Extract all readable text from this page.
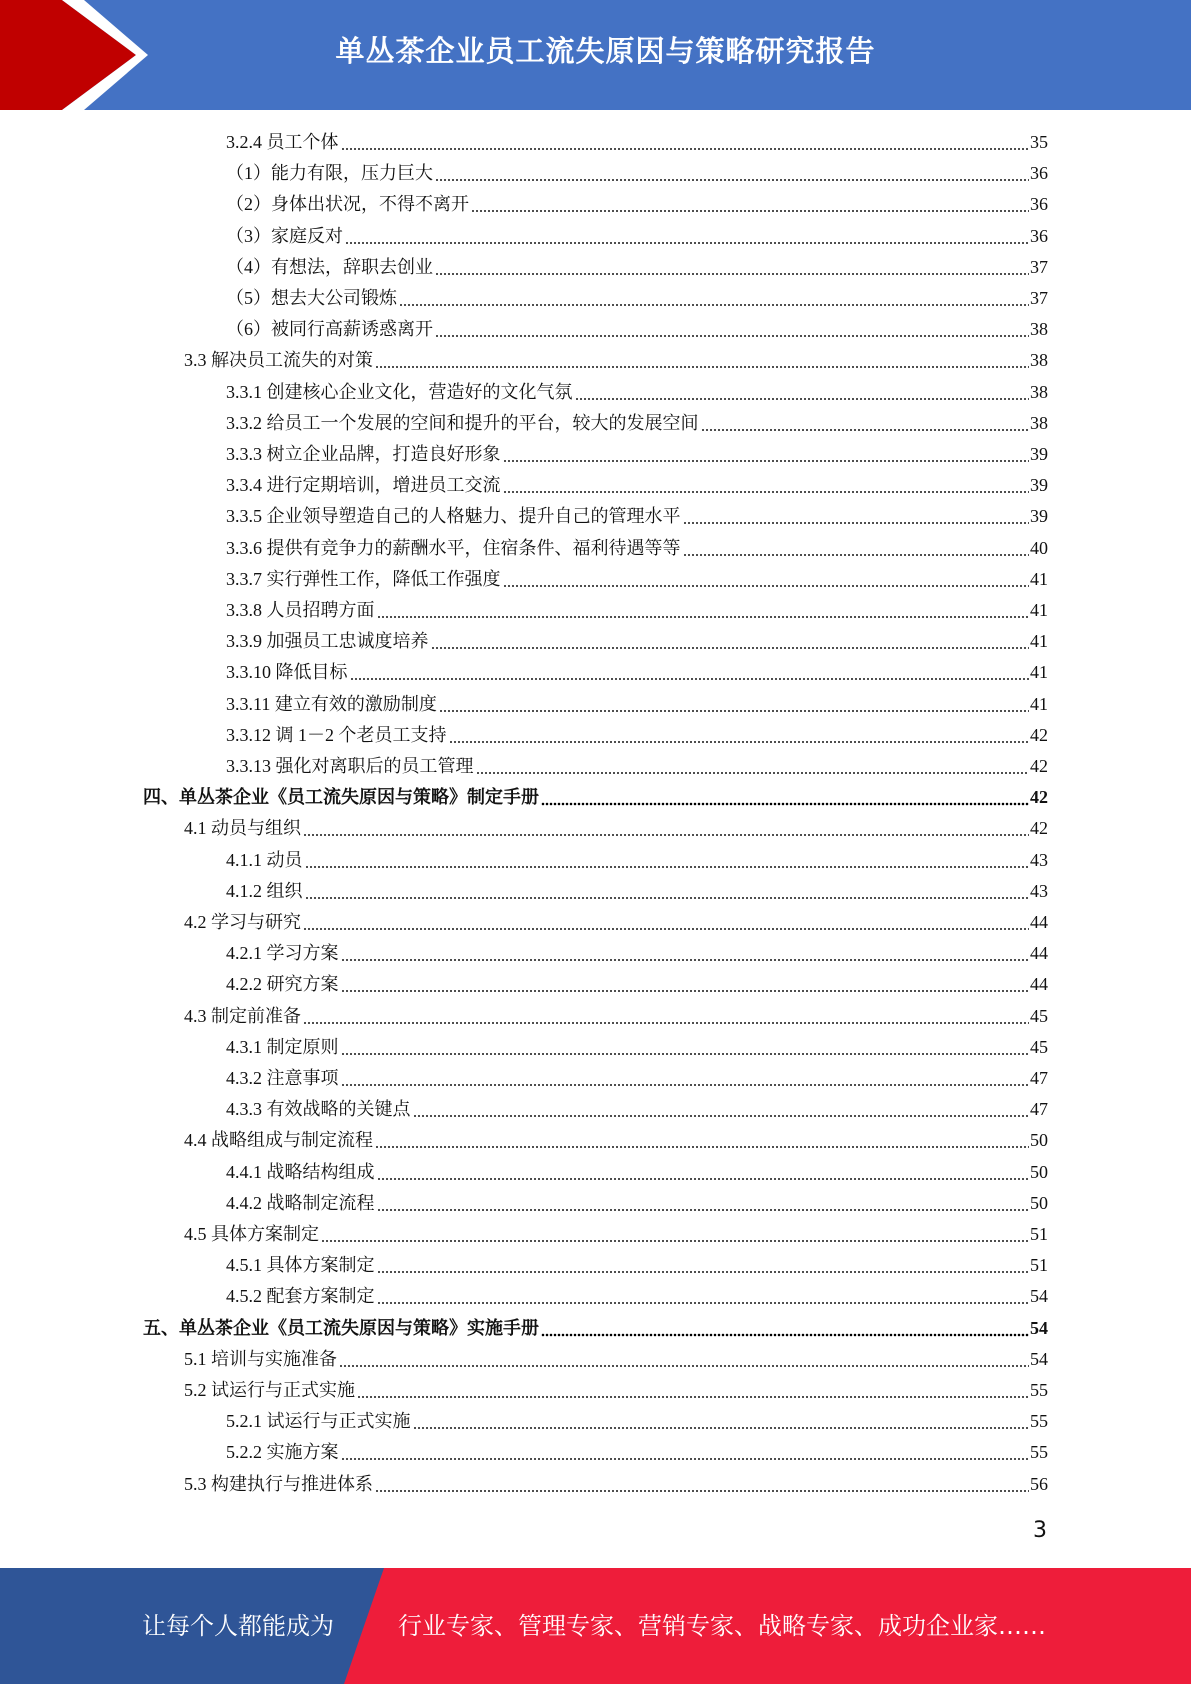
单丛茶企业员工流失原因与策略研究报告
3.2.4 员工个体	35
（1）能力有限，压力巨大	36
（2）身体出状况，不得不离开	36
（3）家庭反对	36
（4）有想法，辞职去创业	37
（5）想去大公司锻炼	37
（6）被同行高薪诱惑离开	38
3.3 解决员工流失的对策	38
3.3.1 创建核心企业文化，营造好的文化气氛	38
3.3.2 给员工一个发展的空间和提升的平台，较大的发展空间	38
3.3.3 树立企业品牌，打造良好形象	39
3.3.4 进行定期培训，增进员工交流	39
3.3.5 企业领导塑造自己的人格魅力、提升自己的管理水平	39
3.3.6 提供有竞争力的薪酬水平，住宿条件、福利待遇等等	40
3.3.7 实行弹性工作，降低工作强度	41
3.3.8 人员招聘方面	41
3.3.9 加强员工忠诚度培养	41
3.3.10 降低目标	41
3.3.11 建立有效的激励制度	41
3.3.12 调 1－2 个老员工支持	42
3.3.13 强化对离职后的员工管理	42
四、单丛茶企业《员工流失原因与策略》制定手册	42
4.1 动员与组织	42
4.1.1 动员	43
4.1.2 组织	43
4.2 学习与研究	44
4.2.1 学习方案	44
4.2.2 研究方案	44
4.3 制定前准备	45
4.3.1 制定原则	45
4.3.2 注意事项	47
4.3.3 有效战略的关键点	47
4.4 战略组成与制定流程	50
4.4.1 战略结构组成	50
4.4.2 战略制定流程	50
4.5 具体方案制定	51
4.5.1 具体方案制定	51
4.5.2 配套方案制定	54
五、单丛茶企业《员工流失原因与策略》实施手册	54
5.1 培训与实施准备	54
5.2 试运行与正式实施	55
5.2.1 试运行与正式实施	55
5.2.2 实施方案	55
5.3 构建执行与推进体系	56
3
让每个人都能成为	行业专家、管理专家、营销专家、战略专家、成功企业家……
